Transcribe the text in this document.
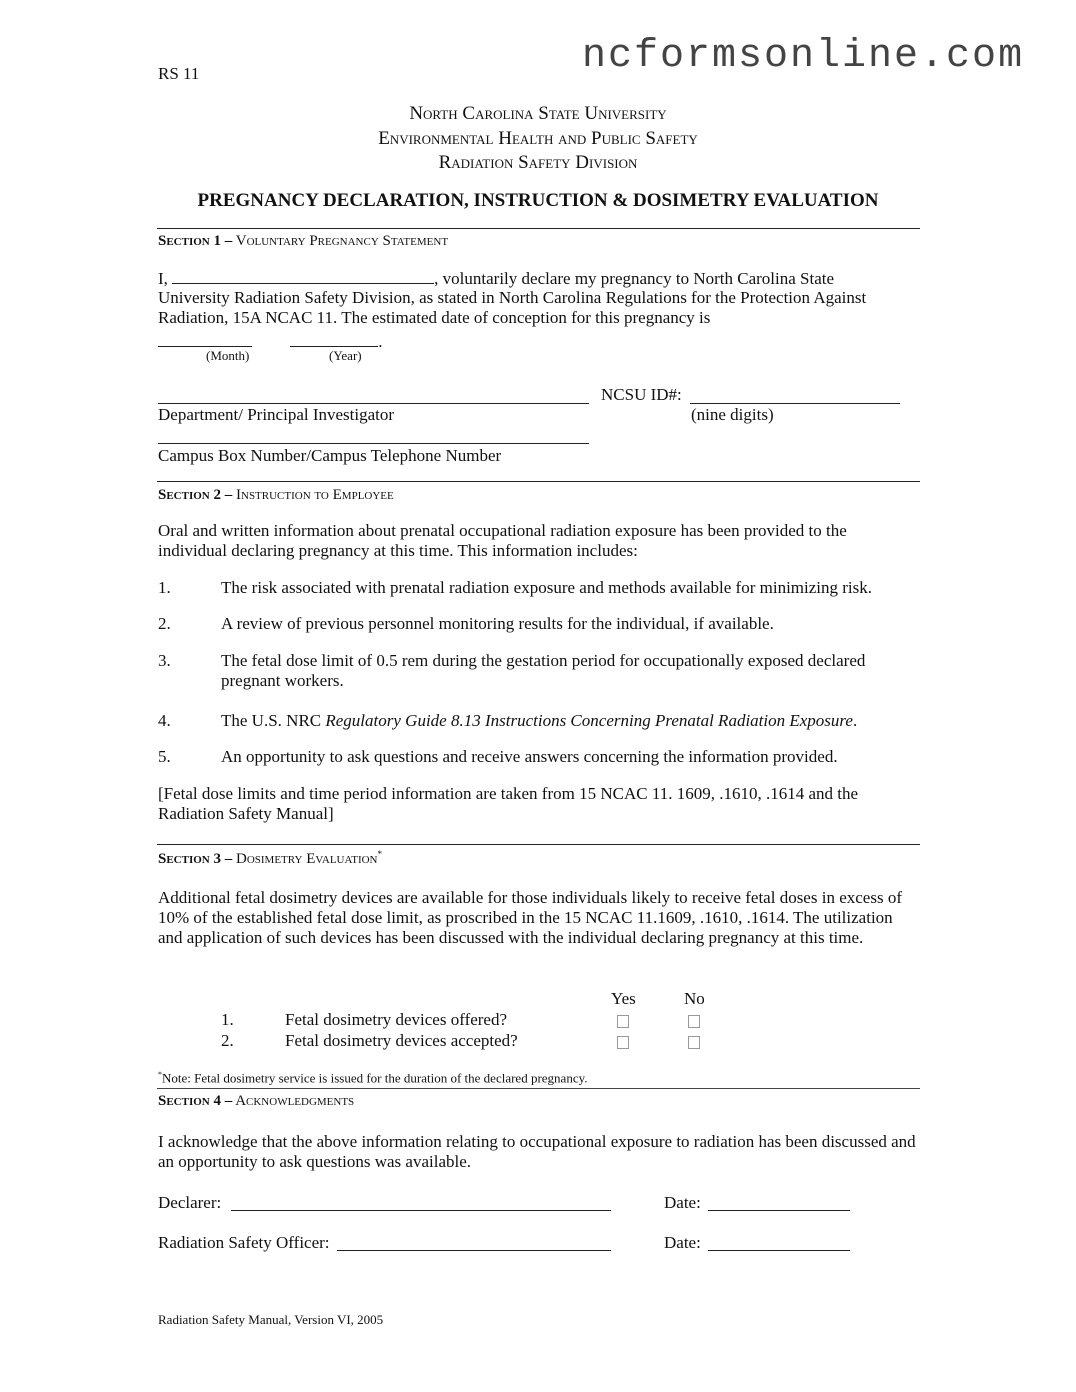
RS 11	ncformsonline.com
North Carolina State University
Environmental Health and Public Safety
Radiation Safety Division
PREGNANCY DECLARATION, INSTRUCTION & DOSIMETRY EVALUATION
Section 1 – Voluntary Pregnancy Statement
I,	, voluntarily declare my pregnancy to North Carolina State
University Radiation Safety Division, as stated in North Carolina Regulations for the Protection Against
Radiation, 15A NCAC 11. The estimated date of conception for this pregnancy is
.
(Month)	(Year)
NCSU ID#:
Department/ Principal Investigator	(nine digits)
Campus Box Number/Campus Telephone Number
Section 2 – Instruction to Employee
Oral and written information about prenatal occupational radiation exposure has been provided to the individual declaring pregnancy at this time. This information includes:
1.	The risk associated with prenatal radiation exposure and methods available for minimizing risk.
2.	A review of previous personnel monitoring results for the individual, if available.
3.	The fetal dose limit of 0.5 rem during the gestation period for occupationally exposed declared pregnant workers.
4.	The U.S. NRC Regulatory Guide 8.13 Instructions Concerning Prenatal Radiation Exposure.
5.	An opportunity to ask questions and receive answers concerning the information provided.
[Fetal dose limits and time period information are taken from 15 NCAC 11. 1609, .1610, .1614 and the Radiation Safety Manual]
Section 3 – Dosimetry Evaluation*
Additional fetal dosimetry devices are available for those individuals likely to receive fetal doses in excess of 10% of the established fetal dose limit, as proscribed in the 15 NCAC 11.1609, .1610, .1614. The utilization and application of such devices has been discussed with the individual declaring pregnancy at this time.
Yes	No
1.	Fetal dosimetry devices offered?
2.	Fetal dosimetry devices accepted?
*Note: Fetal dosimetry service is issued for the duration of the declared pregnancy.
Section 4 – Acknowledgments
I acknowledge that the above information relating to occupational exposure to radiation has been discussed and an opportunity to ask questions was available.
Declarer:	Date:
Radiation Safety Officer:	Date:
Radiation Safety Manual, Version VI, 2005
